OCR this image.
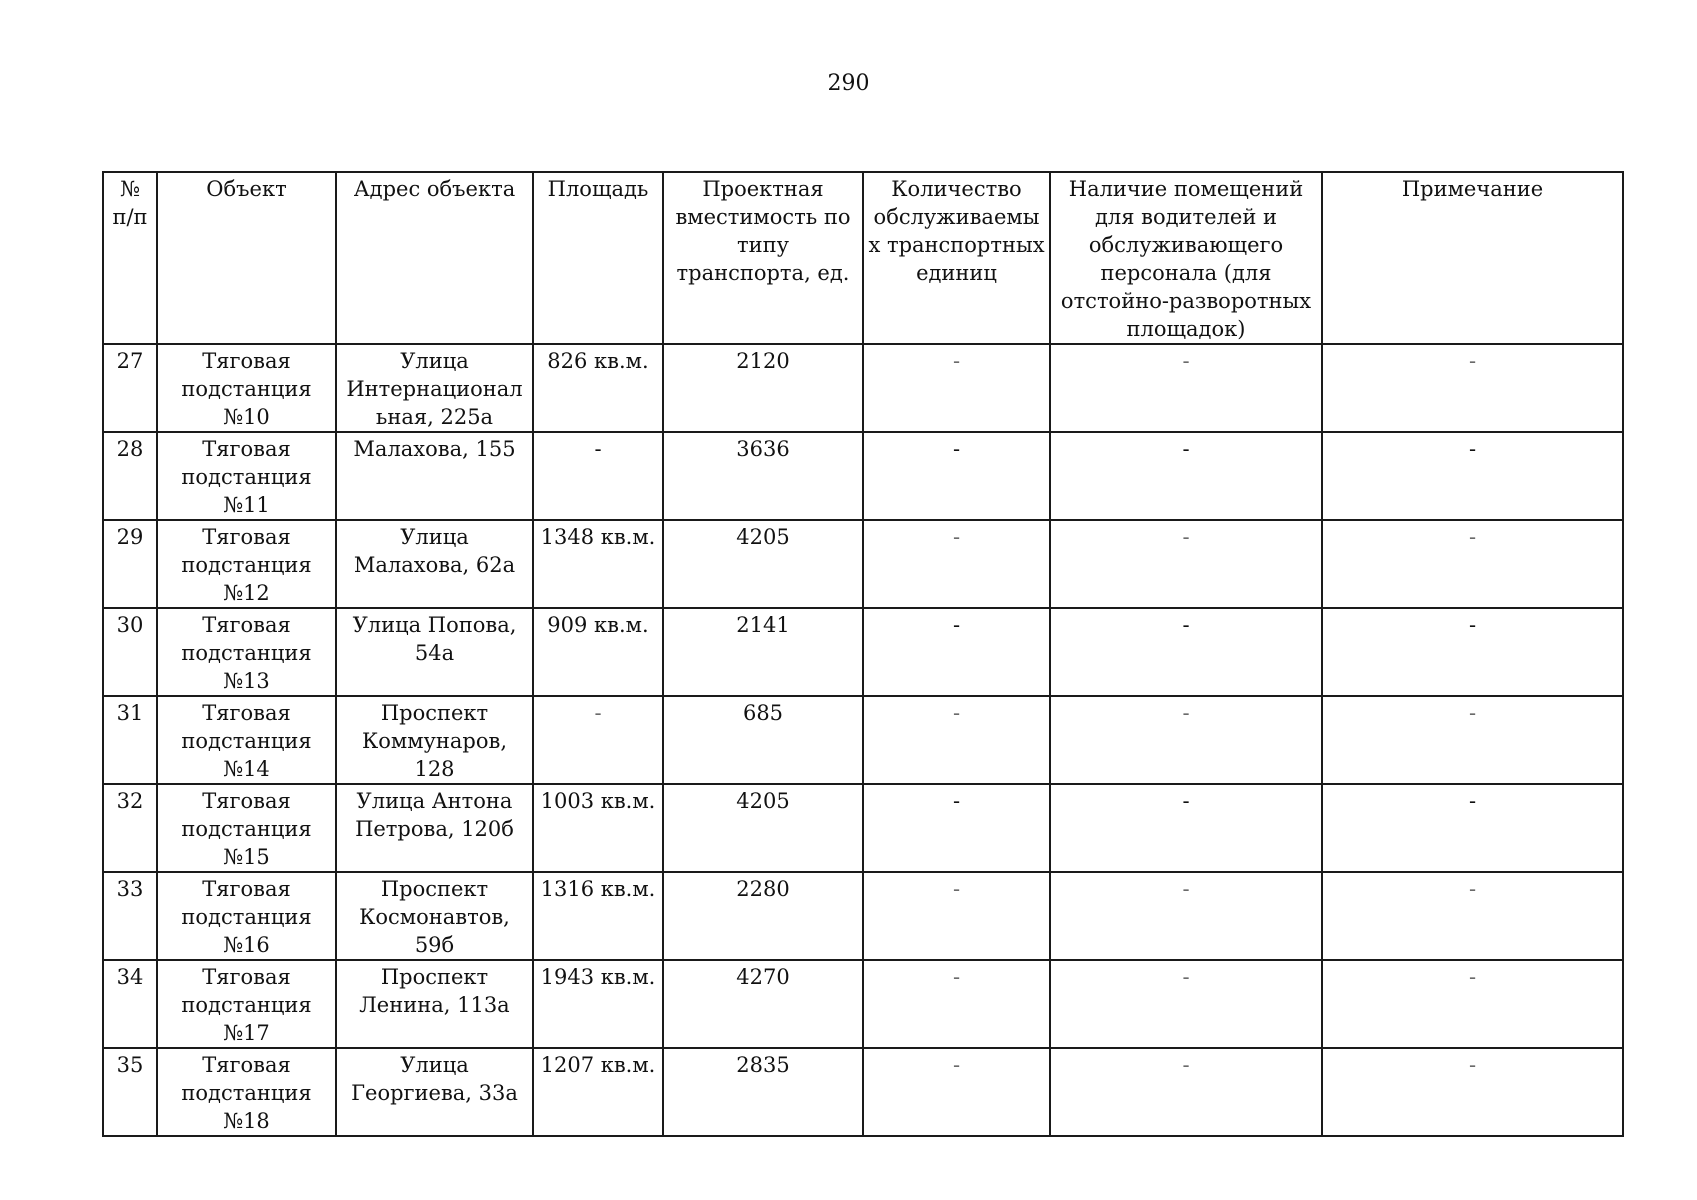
290
№ п/п	Объект	Адрес объекта	Площадь	Проектная вместимость по типу транспорта, ед.	Количество обслуживаемых транспортных единиц	Наличие помещений для водителей и обслуживающего персонала (для отстойно-разворотных площадок)	Примечание
27	Тяговая подстанция №10	Улица Интернациональная, 225а	826 кв.м.	2120	-	-	-
28	Тяговая подстанция №11	Малахова, 155	-	3636	-	-	-
29	Тяговая подстанция №12	Улица Малахова, 62а	1348 кв.м.	4205	-	-	-
30	Тяговая подстанция №13	Улица Попова, 54а	909 кв.м.	2141	-	-	-
31	Тяговая подстанция №14	Проспект Коммунаров, 128	-	685	-	-	-
32	Тяговая подстанция №15	Улица Антона Петрова, 120б	1003 кв.м.	4205	-	-	-
33	Тяговая подстанция №16	Проспект Космонавтов, 59б	1316 кв.м.	2280	-	-	-
34	Тяговая подстанция №17	Проспект Ленина, 113а	1943 кв.м.	4270	-	-	-
35	Тяговая подстанция №18	Улица Георгиева, 33а	1207 кв.м.	2835	-	-	-
